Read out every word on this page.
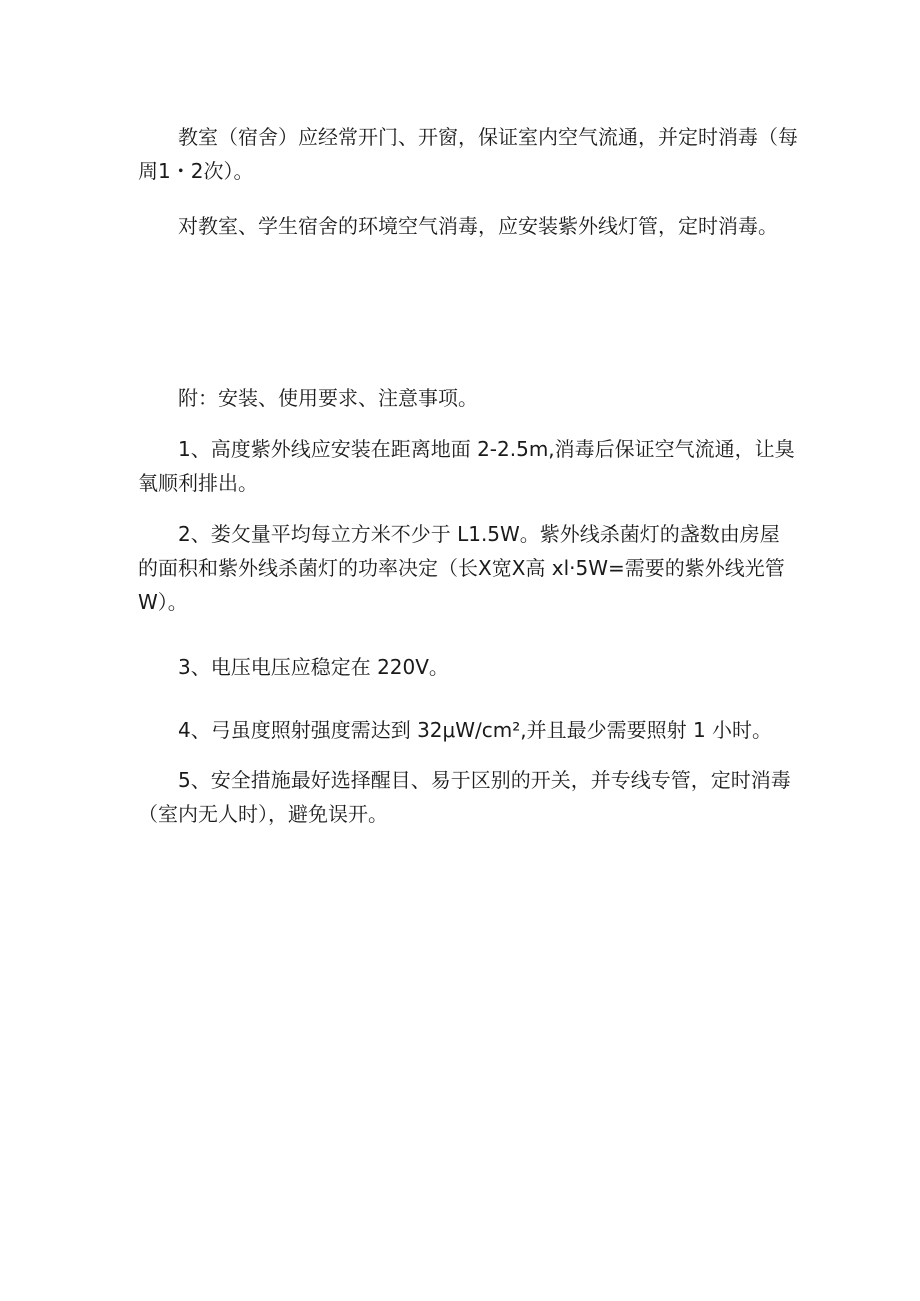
教室（宿舍）应经常开门、开窗，保证室内空气流通，并定时消毒（每周1・2次）。

对教室、学生宿舍的环境空气消毒，应安装紫外线灯管，定时消毒。

附：安装、使用要求、注意事项。

1、高度紫外线应安装在距离地面 2-2.5m,消毒后保证空气流通，让臭氧顺利排出。

2、娄攵量平均每立方米不少于 L1.5W。紫外线杀菌灯的盏数由房屋的面积和紫外线杀菌灯的功率决定（长X宽X高 xl·5W=需要的紫外线光管 W）。

3、电压电压应稳定在 220V。

4、弓虽度照射强度需达到 32μW∕cm²,并且最少需要照射 1 小时。

5、安全措施最好选择醒目、易于区别的开关，并专线专管，定时消毒（室内无人时），避免误开。
